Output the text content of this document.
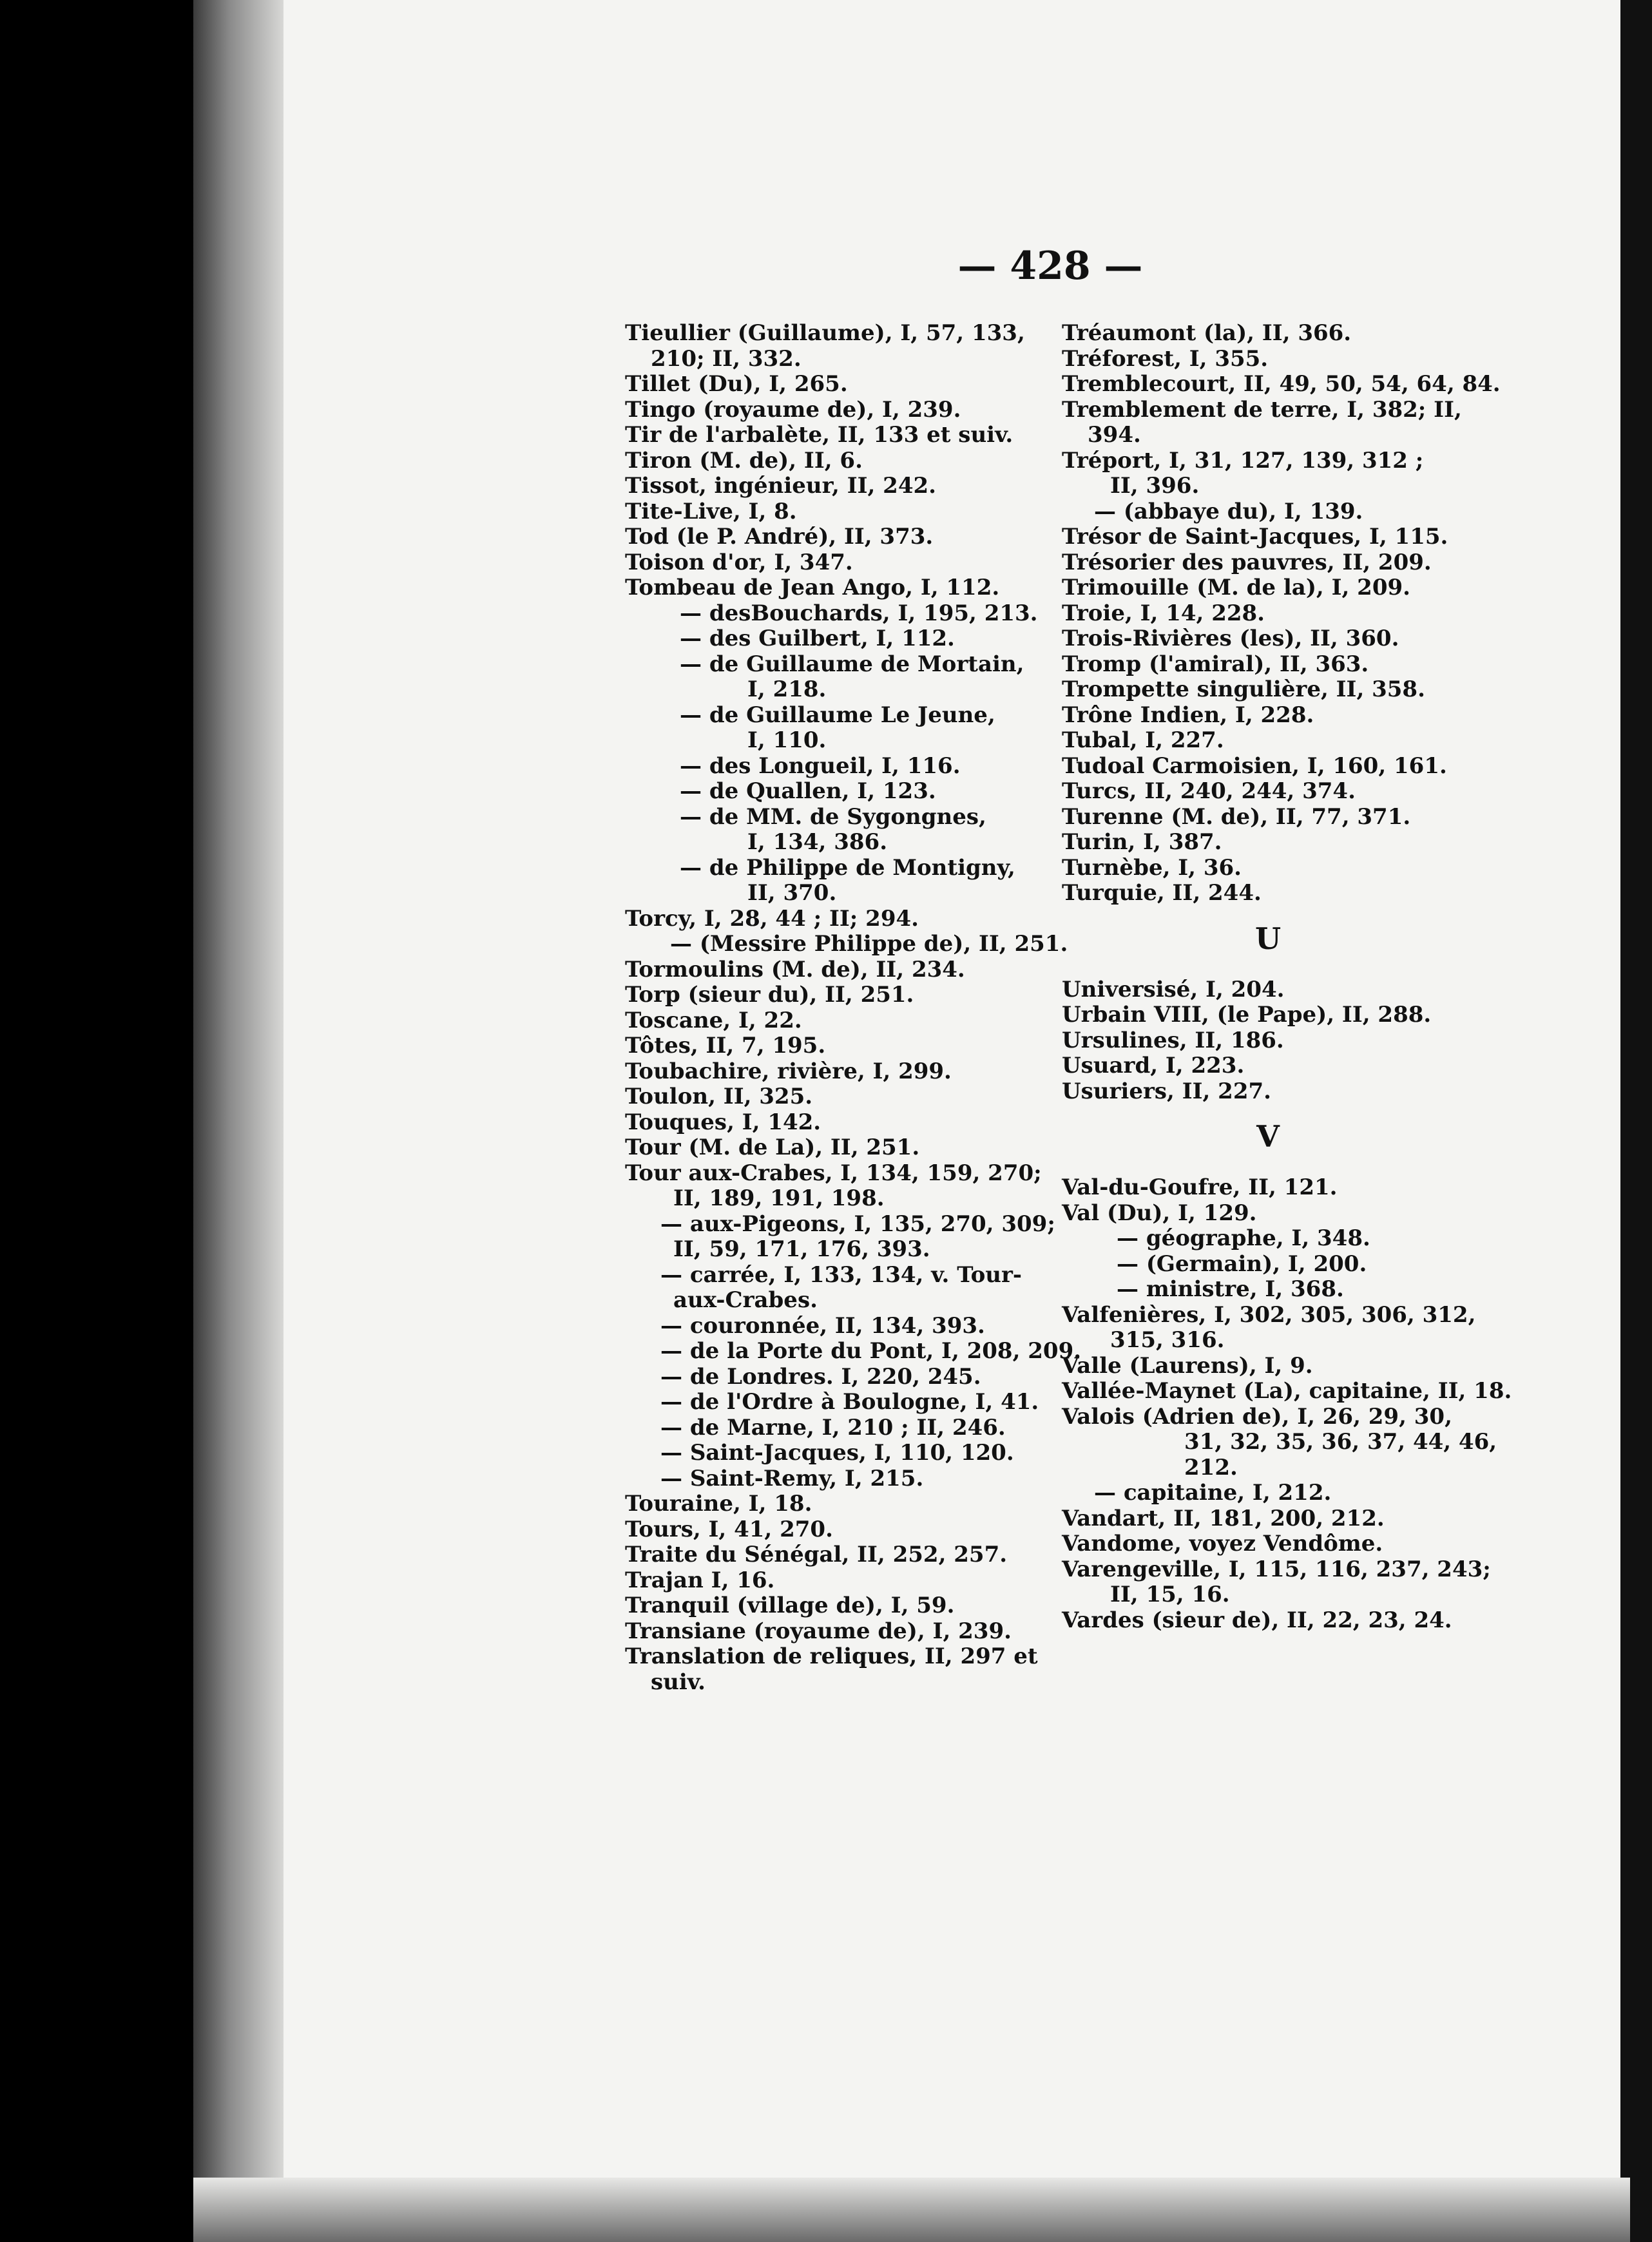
— 428 —
Tieullier (Guillaume), I, 57, 133,
210; II, 332.
Tillet (Du), I, 265.
Tingo (royaume de), I, 239.
Tir de l'arbalète, II, 133 et suiv.
Tiron (M. de), II, 6.
Tissot, ingénieur, II, 242.
Tite-Live, I, 8.
Tod (le P. André), II, 373.
Toison d'or, I, 347.
Tombeau de Jean Ango, I, 112.
— desBouchards, I, 195, 213.
— des Guilbert, I, 112.
— de Guillaume de Mortain,
I, 218.
— de Guillaume Le Jeune,
I, 110.
— des Longueil, I, 116.
— de Quallen, I, 123.
— de MM. de Sygongnes,
I, 134, 386.
— de Philippe de Montigny,
II, 370.
Torcy, I, 28, 44 ; II; 294.
— (Messire Philippe de), II, 251.
Tormoulins (M. de), II, 234.
Torp (sieur du), II, 251.
Toscane, I, 22.
Tôtes, II, 7, 195.
Toubachire, rivière, I, 299.
Toulon, II, 325.
Touques, I, 142.
Tour (M. de La), II, 251.
Tour aux-Crabes, I, 134, 159, 270;
II, 189, 191, 198.
— aux-Pigeons, I, 135, 270, 309;
II, 59, 171, 176, 393.
— carrée, I, 133, 134, v. Tour-
aux-Crabes.
— couronnée, II, 134, 393.
— de la Porte du Pont, I, 208, 209.
— de Londres. I, 220, 245.
— de l'Ordre à Boulogne, I, 41.
— de Marne, I, 210 ; II, 246.
— Saint-Jacques, I, 110, 120.
— Saint-Remy, I, 215.
Touraine, I, 18.
Tours, I, 41, 270.
Traite du Sénégal, II, 252, 257.
Trajan I, 16.
Tranquil (village de), I, 59.
Transiane (royaume de), I, 239.
Translation de reliques, II, 297 et
suiv.
Tréaumont (la), II, 366.
Tréforest, I, 355.
Tremblecourt, II, 49, 50, 54, 64, 84.
Tremblement de terre, I, 382; II,
394.
Tréport, I, 31, 127, 139, 312 ;
II, 396.
— (abbaye du), I, 139.
Trésor de Saint-Jacques, I, 115.
Trésorier des pauvres, II, 209.
Trimouille (M. de la), I, 209.
Troie, I, 14, 228.
Trois-Rivières (les), II, 360.
Tromp (l'amiral), II, 363.
Trompette singulière, II, 358.
Trône Indien, I, 228.
Tubal, I, 227.
Tudoal Carmoisien, I, 160, 161.
Turcs, II, 240, 244, 374.
Turenne (M. de), II, 77, 371.
Turin, I, 387.
Turnèbe, I, 36.
Turquie, II, 244.
U
Universisé, I, 204.
Urbain VIII, (le Pape), II, 288.
Ursulines, II, 186.
Usuard, I, 223.
Usuriers, II, 227.
V
Val-du-Goufre, II, 121.
Val (Du), I, 129.
— géographe, I, 348.
— (Germain), I, 200.
— ministre, I, 368.
Valfenières, I, 302, 305, 306, 312,
315, 316.
Valle (Laurens), I, 9.
Vallée-Maynet (La), capitaine, II, 18.
Valois (Adrien de), I, 26, 29, 30,
31, 32, 35, 36, 37, 44, 46,
212.
— capitaine, I, 212.
Vandart, II, 181, 200, 212.
Vandome, voyez Vendôme.
Varengeville, I, 115, 116, 237, 243;
II, 15, 16.
Vardes (sieur de), II, 22, 23, 24.
